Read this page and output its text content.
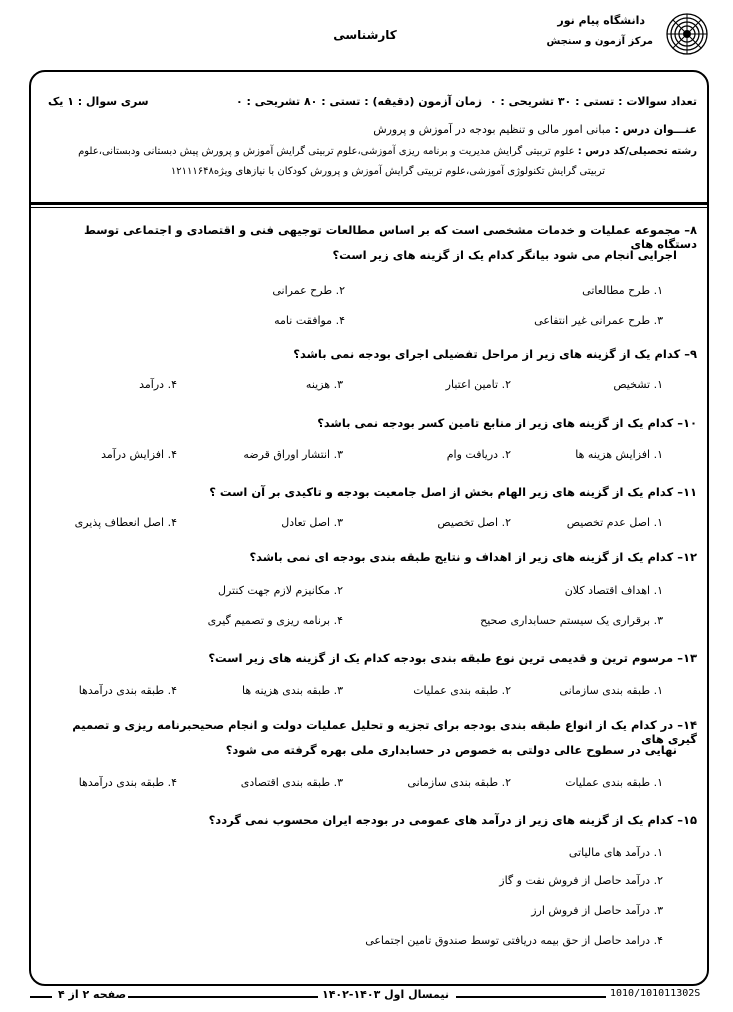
دانشگاه پیام نور
مرکز آزمون و سنجش
کارشناسی
تعداد سوالات : تستی : ۳۰ تشریحی : ۰
زمان آزمون (دقیقه) : تستی : ۸۰ تشریحی : ۰
سری سوال : ۱ یک
عنـــوان درس : مبانی امور مالی و تنظیم بودجه در آموزش و پرورش
رشته تحصیلی/کد درس : علوم تربیتی گرایش مدیریت و برنامه ریزی آموزشی،علوم تربیتی گرایش آموزش و پرورش پیش دبستانی ودبستانی،علوم
تربیتی گرایش تکنولوژی آموزشی،علوم تربیتی گرایش آموزش و پرورش کودکان با نیازهای ویژه۱۲۱۱۱۶۴۸
۸– مجموعه عملیات و خدمات مشخصی است که بر اساس مطالعات توجیهی فنی و اقتصادی و اجتماعی توسط دستگاه های
اجرایی انجام می شود بیانگر کدام یک از گزینه های زیر است؟
۱. طرح مطالعاتی
۲. طرح عمرانی
۳. طرح عمرانی غیر انتفاعی
۴. موافقت نامه
۹– کدام یک از گزینه های زیر از مراحل تفضیلی اجرای بودجه نمی باشد؟
۱. تشخیص
۲. تامین اعتبار
۳. هزینه
۴. درآمد
۱۰– کدام یک از گزینه های زیر از منابع تامین کسر بودجه نمی باشد؟
۱. افزایش هزینه ها
۲. دریافت وام
۳. انتشار اوراق قرضه
۴. افزایش درآمد
۱۱– کدام یک از گزینه های زیر الهام بخش از اصل جامعیت بودجه و تاکیدی بر آن است ؟
۱. اصل عدم تخصیص
۲. اصل تخصیص
۳. اصل تعادل
۴. اصل انعطاف پذیری
۱۲– کدام یک از گزینه های زیر از اهداف و نتایج طبقه بندی بودجه ای نمی باشد؟
۱. اهداف اقتصاد کلان
۲. مکانیزم لازم جهت کنترل
۳. برقراری یک سیستم حسابداری صحیح
۴. برنامه ریزی و تصمیم گیری
۱۳– مرسوم ترین و قدیمی ترین نوع طبقه بندی بودجه کدام یک از گزینه های زیر است؟
۱. طبقه بندی سازمانی
۲. طبقه بندی عملیات
۳. طبقه بندی هزینه ها
۴. طبقه بندی درآمدها
۱۴– در کدام یک از انواع طبقه بندی بودجه برای تجزیه و تحلیل عملیات دولت و انجام صحیحبرنامه ریزی و تصمیم گیری های
نهایی در سطوح عالی دولتی به خصوص در حسابداری ملی بهره گرفته می شود؟
۱. طبقه بندی عملیات
۲. طبقه بندی سازمانی
۳. طبقه بندی اقتصادی
۴. طبقه بندی درآمدها
۱۵– کدام یک از گزینه های زیر از درآمد های عمومی در بودجه ایران محسوب نمی گردد؟
۱. درآمد های مالیاتی
۲. درآمد حاصل از فروش نفت و گاز
۳. درآمد حاصل از فروش ارز
۴. درامد حاصل از حق بیمه دریافتی توسط صندوق تامین اجتماعی
صفحه ۲ از ۴	نیمسال اول ۱۴۰۳-۱۴۰۲	1010/101011302S
